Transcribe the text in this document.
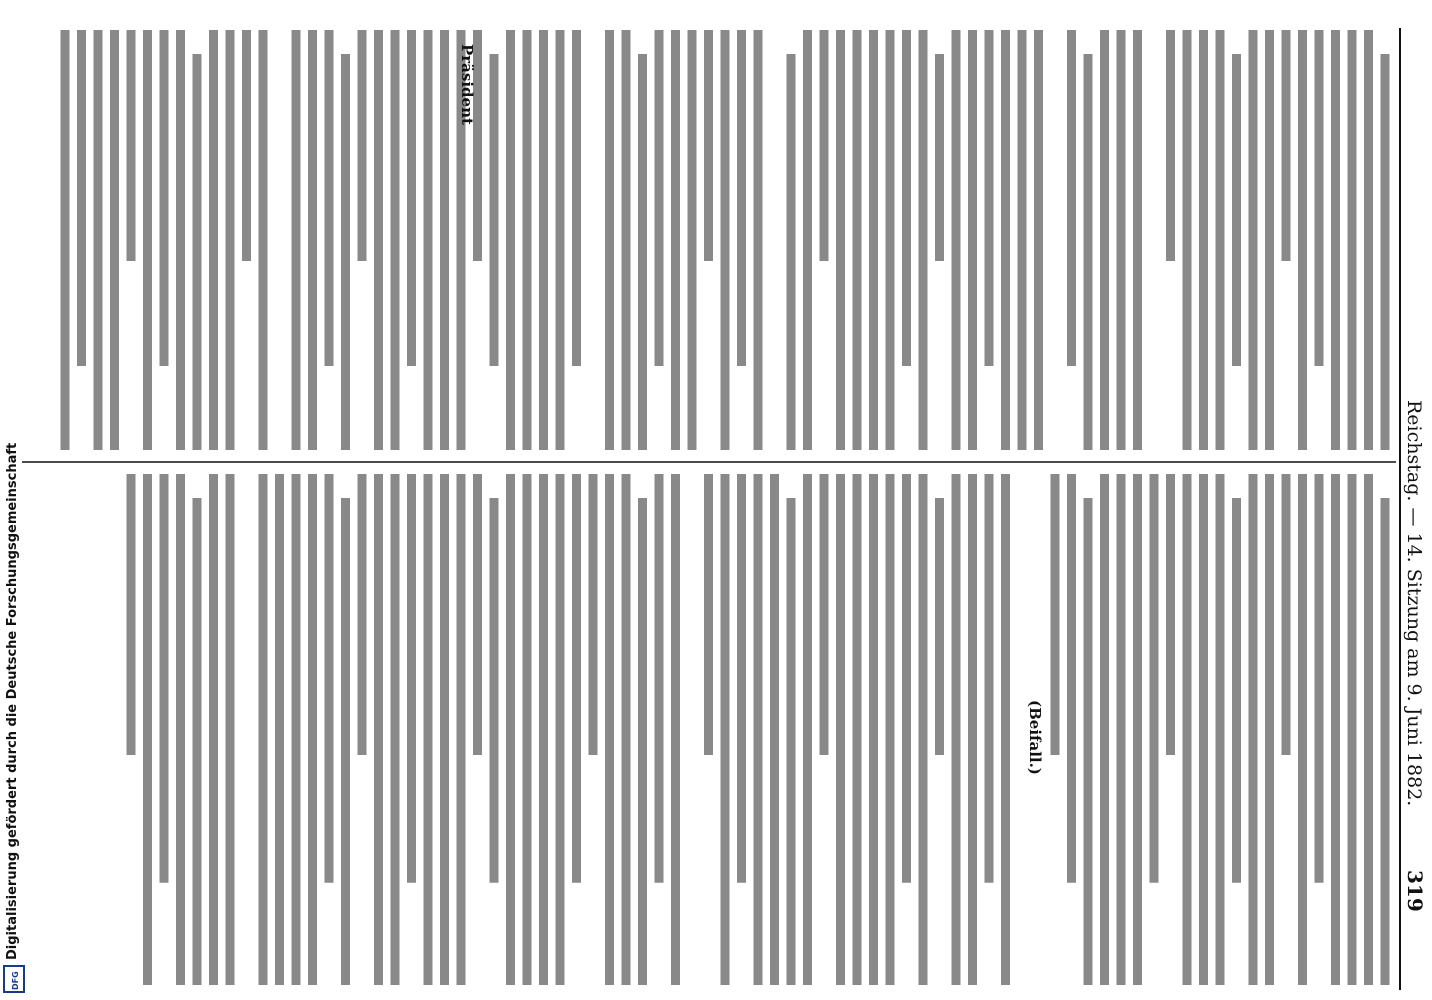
Reichstag. — 14. Sitzung am 9. Juni 1882.
319
Präsident
(Beifall.)
Digitalisierung gefördert durch die Deutsche Forschungsgemeinschaft
DFG
